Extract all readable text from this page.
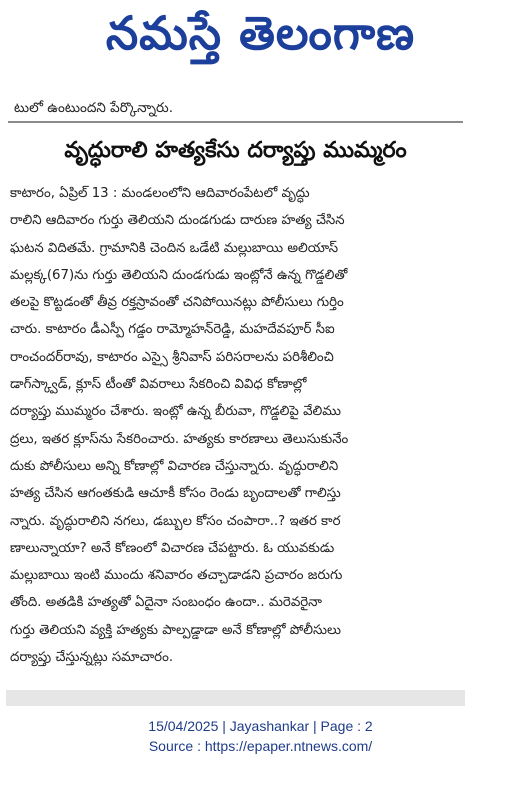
నమస్తే తెలంగాణ
టులో ఉంటుందని పేర్కొన్నారు.
వృద్ధురాలి హత్యకేసు దర్యాప్తు ముమ్మరం
కాటారం, ఏప్రిల్ 13 : మండలంలోని ఆదివారంపేటలో వృద్ధు
రాలిని ఆదివారం గుర్తు తెలియని దుండగుడు దారుణ హత్య చేసిన
ఘటన విదితమే. గ్రామానికి చెందిన ఒడేటి మల్లుబాయి అలియాస్
మల్లక్క(67)ను గుర్తు తెలియని దుండగుడు ఇంట్లోనే ఉన్న గొడ్డలితో
తలపై కొట్టడంతో తీవ్ర రక్తస్రావంతో చనిపోయినట్లు పోలీసులు గుర్తిం
చారు. కాటారం డీఎస్పీ గడ్డం రామ్మోహన్‌రెడ్డి, మహదేవపూర్ సీఐ
రాంచందర్‌రావు, కాటారం ఎస్సై శ్రీనివాస్ పరిసరాలను పరిశీలించి
డాగ్‌స్క్వాడ్, క్లూస్ టీంతో వివరాలు సేకరించి వివిధ కోణాల్లో
దర్యాప్తు ముమ్మరం చేశారు. ఇంట్లో ఉన్న బీరువా, గొడ్డలిపై వేలిము
ద్రలు, ఇతర క్లూస్‌ను సేకరించారు. హత్యకు కారణాలు తెలుసుకునేం
దుకు పోలీసులు అన్ని కోణాల్లో విచారణ చేస్తున్నారు. వృద్ధురాలిని
హత్య చేసిన ఆగంతకుడి ఆచూకీ కోసం రెండు బృందాలతో గాలిస్తు
న్నారు. వృద్ధురాలిని నగలు, డబ్బుల కోసం చంపారా..? ఇతర కార
ణాలున్నాయా? అనే కోణంలో విచారణ చేపట్టారు. ఓ యువకుడు
మల్లుబాయి ఇంటి ముందు శనివారం తచ్చాడాడని ప్రచారం జరుగు
తోంది. అతడికి హత్యతో ఏదైనా సంబంధం ఉందా.. మరెవరైనా
గుర్తు తెలియని వ్యక్తి హత్యకు పాల్పడ్డాడా అనే కోణాల్లో పోలీసులు
దర్యాప్తు చేస్తున్నట్లు సమాచారం.
15/04/2025 | Jayashankar | Page : 2
Source : https://epaper.ntnews.com/
